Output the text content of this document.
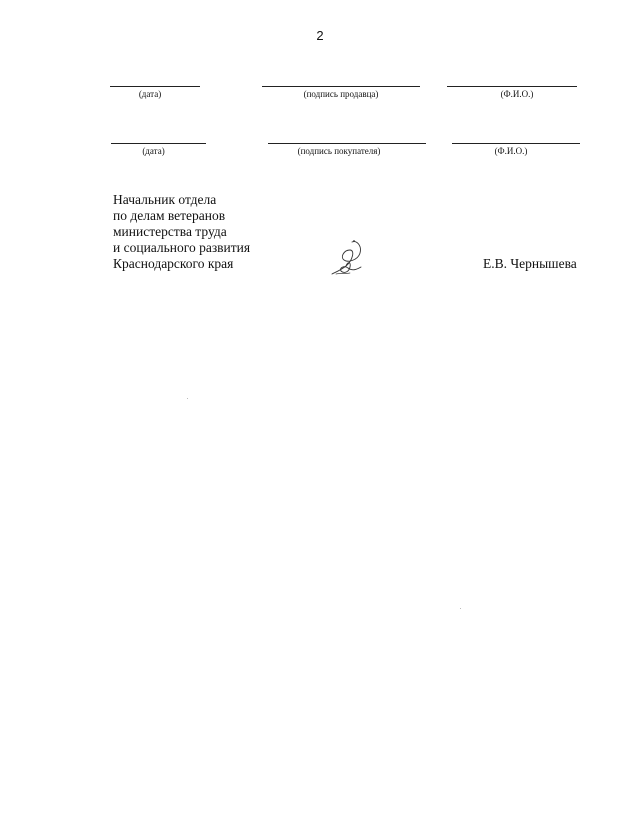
2
(дата)	(подпись продавца)	(Ф.И.О.)
(дата)	(подпись покупателя)	(Ф.И.О.)
Начальник отдела
по делам ветеранов
министерства труда
и социального развития
Краснодарского края	Е.В. Чернышева
